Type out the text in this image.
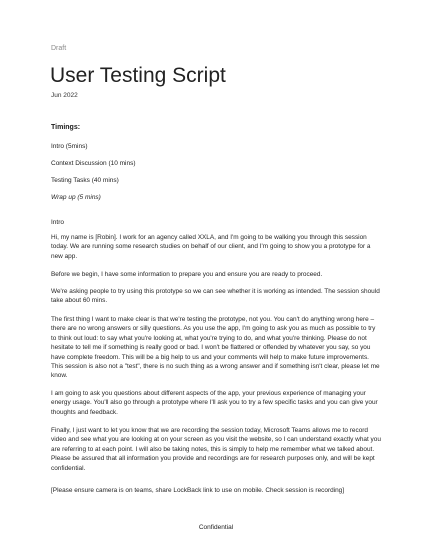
Draft
User Testing Script
Jun 2022
Timings:
Intro (5mins)
Context Discussion (10 mins)
Testing Tasks (40 mins)
Wrap up (5 mins)
Intro

Hi, my name is [Robin]. I work for an agency called XXLA, and I'm going to be walking you through this session today. We are running some research studies on behalf of our client, and I'm going to show you a prototype for a new app.

Before we begin, I have some information to prepare you and ensure you are ready to proceed.

We're asking people to try using this prototype so we can see whether it is working as intended. The session should take about 60 mins.

The first thing I want to make clear is that we're testing the prototype, not you. You can't do anything wrong here – there are no wrong answers or silly questions. As you use the app, I'm going to ask you as much as possible to try to think out loud: to say what you're looking at, what you're trying to do, and what you're thinking. Please do not hesitate to tell me if something is really good or bad. I won't be flattered or offended by whatever you say, so you have complete freedom. This will be a big help to us and your comments will help to make future improvements. This session is also not a "test", there is no such thing as a wrong answer and if something isn't clear, please let me know.

I am going to ask you questions about different aspects of the app, your previous experience of managing your energy usage. You'll also go through a prototype where I'll ask you to try a few specific tasks and you can give your thoughts and feedback.

Finally, I just want to let you know that we are recording the session today, Microsoft Teams allows me to record video and see what you are looking at on your screen as you visit the website, so I can understand exactly what you are referring to at each point. I will also be taking notes, this is simply to help me remember what we talked about. Please be assured that all information you provide and recordings are for research purposes only, and will be kept confidential.

[Please ensure camera is on teams, share LockBack link to use on mobile. Check session is recording]

Confidential
